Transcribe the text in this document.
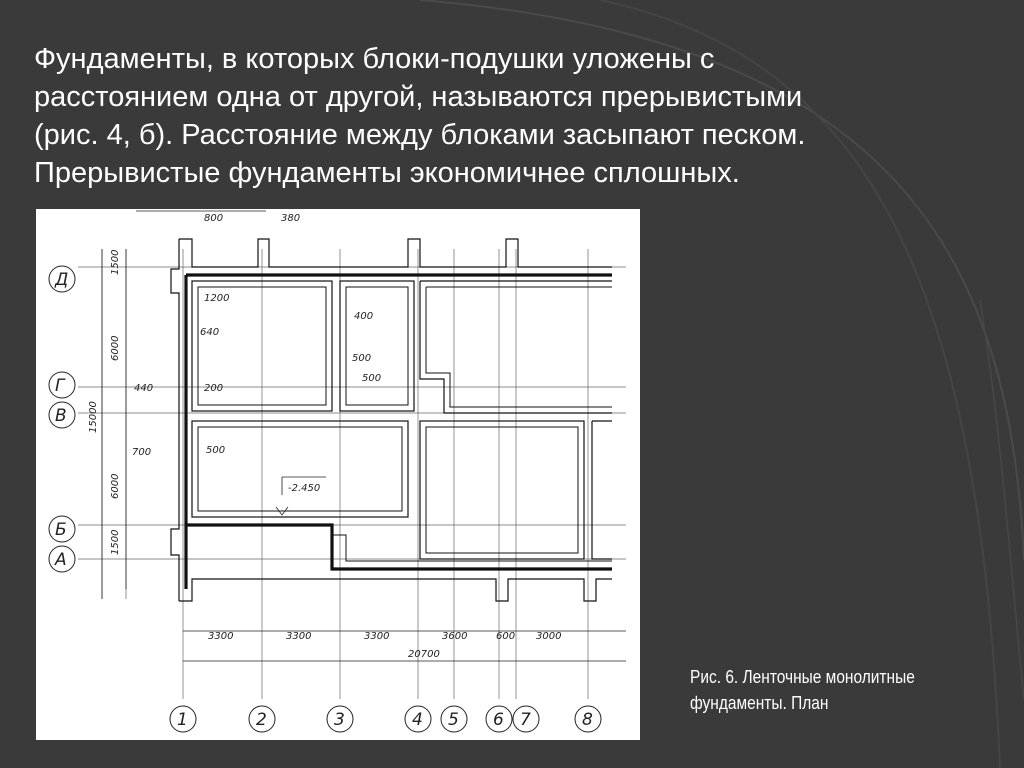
Фундаменты, в которых блоки-подушки уложены с
расстоянием одна от другой, называются прерывистыми
(рис. 4, б). Расстояние между блоками засыпают песком.
Прерывистые фундаменты экономичнее сплошных.

1500
6000
15000
6000
1500
440
700
800	380
1200
640
200
400
500
500
500
-2.450
3300	3300	3300	3600	600 3000
20700
Д
Г
В
Б
А
1	2	3	4 5 6 7	8
Рис. 6. Ленточные монолитные
фундаменты. План
